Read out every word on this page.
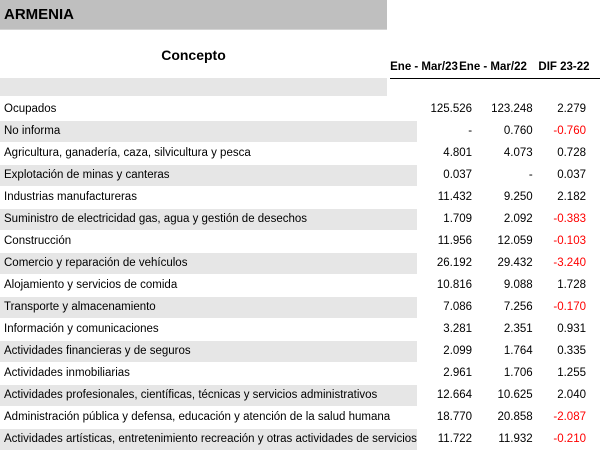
ARMENIA
Concepto
Ene - Mar/23 Ene - Mar/22	DIF 23-22
Ocupados	125.526	123.248	2.279
No informa	-	0.760	-0.760
Agricultura, ganadería, caza, silvicultura y pesca	4.801	4.073	0.728
Explotación de minas y canteras	0.037	-	0.037
Industrias manufactureras	11.432	9.250	2.182
Suministro de electricidad gas, agua y gestión de desechos	1.709	2.092	-0.383
Construcción	11.956	12.059	-0.103
Comercio y reparación de vehículos	26.192	29.432	-3.240
Alojamiento y servicios de comida	10.816	9.088	1.728
Transporte y almacenamiento	7.086	7.256	-0.170
Información y comunicaciones	3.281	2.351	0.931
Actividades financieras y de seguros	2.099	1.764	0.335
Actividades inmobiliarias	2.961	1.706	1.255
Actividades profesionales, científicas, técnicas y servicios administrativos	12.664	10.625	2.040
Administración pública y defensa, educación y atención de la salud humana	18.770	20.858	-2.087
Actividades artísticas, entretenimiento recreación y otras actividades de servicios	11.722	11.932	-0.210
